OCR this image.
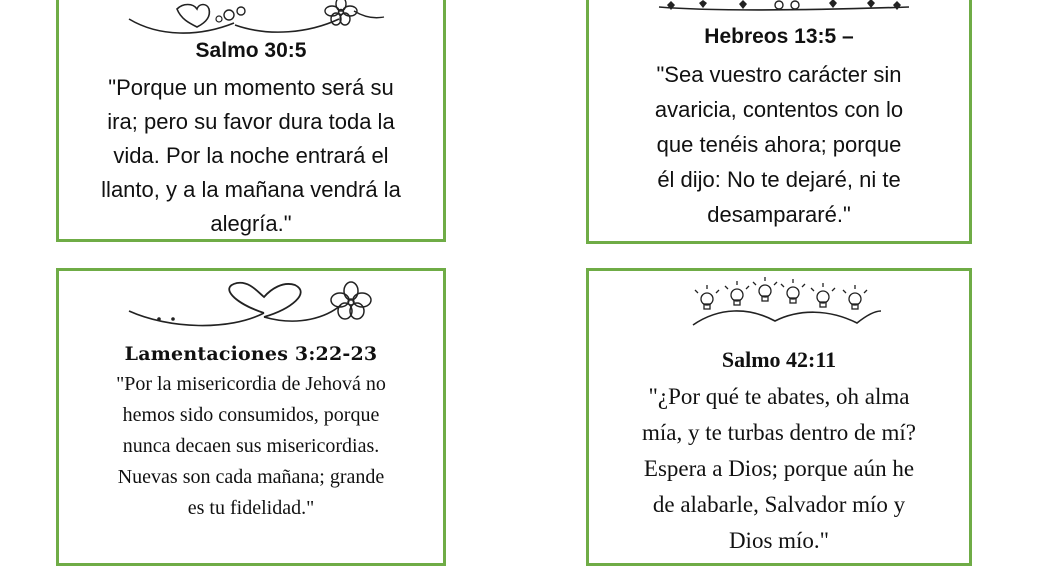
Salmo 30:5
"Porque un momento será su
ira; pero su favor dura toda la
vida. Por la noche entrará el
llanto, y a la mañana vendrá la
alegría."
Hebreos 13:5 –
"Sea vuestro carácter sin
avaricia, contentos con lo
que tenéis ahora; porque
él dijo: No te dejaré, ni te
desampararé."
Lamentaciones 3:22-23
"Por la misericordia de Jehová no
hemos sido consumidos, porque
nunca decaen sus misericordias.
Nuevas son cada mañana; grande
es tu fidelidad."
Salmo 42:11
"¿Por qué te abates, oh alma
mía, y te turbas dentro de mí?
Espera a Dios; porque aún he
de alabarle, Salvador mío y
Dios mío."
